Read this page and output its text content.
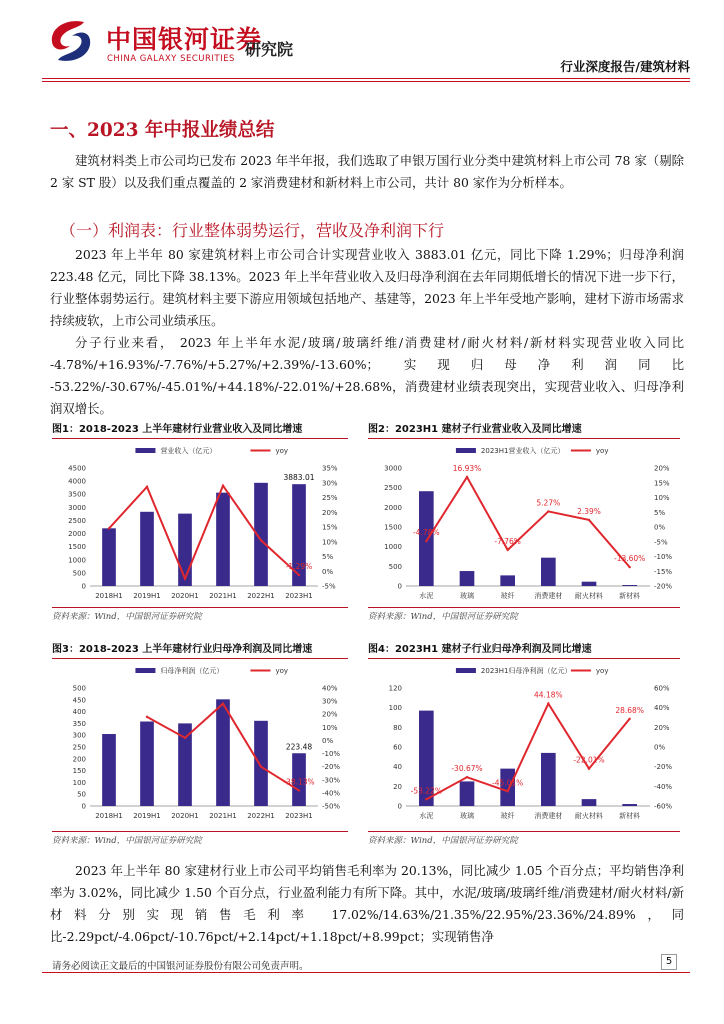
中国银河证券
CHINA GALAXY SECURITIES 研究院
行业深度报告/建筑材料
一、2023 年中报业绩总结

建筑材料类上市公司均已发布 2023 年半年报，我们选取了申银万国行业分类中建筑材料上市公司 78 家（剔除 2 家 ST 股）以及我们重点覆盖的 2 家消费建材和新材料上市公司，共计 80 家作为分析样本。

（一）利润表：行业整体弱势运行，营收及净利润下行

2023 年上半年 80 家建筑材料上市公司合计实现营业收入 3883.01 亿元，同比下降 1.29%；归母净利润 223.48 亿元，同比下降 38.13%。2023 年上半年营业收入及归母净利润在去年同期低增长的情况下进一步下行，行业整体弱势运行。建筑材料主要下游应用领域包括地产、基建等，2023 年上半年受地产影响，建材下游市场需求持续疲软，上市公司业绩承压。

分子行业来看， 2023 年上半年水泥/玻璃/玻璃纤维/消费建材/耐火材料/新材料实现营业收入同比 -4.78%/+16.93%/-7.76%/+5.27%/+2.39%/-13.60%； 实现归母净利润同比 -53.22%/-30.67%/-45.01%/+44.18%/-22.01%/+28.68%，消费建材业绩表现突出，实现营业收入、归母净利润双增长。

图1：2018-2023 上半年建材行业营业收入及同比增速	图2：2023H1 建材子行业营业收入及同比增速
图3：2018-2023 上半年建材行业归母净利润及同比增速	图4：2023H1 建材子行业归母净利润及同比增速
营业收入（亿元）	yoy
0
500
1000
1500
2000
2500
3000
3500
4000
4500
-5%
0%
5%
10%
15%
20%
25%
30%
35%
2018H1 2019H1 2020H1 2021H1 2022H1 2023H1
3883.01
-1.29%
2023H1营业收入（亿元）	yoy
0
500
1000
1500
2000
2500
3000
-20%
-15%
-10%
-5%
0%
5%
10%
15%
20%
水泥	玻璃	玻纤	消费建材 耐火材料 新材料
-4.78%
16.93%
-7.76%
5.27%
2.39%
-13.60%
归母净利润（亿元）	yoy
0
50
100
150
200
250
300
350
400
450
500
-50%
-40%
-30%
-20%
-10%
0%
10%
20%
30%
40%
2018H1 2019H1 2020H1 2021H1 2022H1 2023H1
223.48
-38.13%
2023H1归母净利润（亿元）	yoy
0
20
40
60
80
100
120
-60%
-40%
-20%
0%
20%
40%
60%
水泥	玻璃	玻纤	消费建材 耐火材料 新材料
-53.22%
-30.67%
-45.01%
44.18%
-22.01%
28.68%
资料来源：Wind，中国银河证券研究院	资料来源：Wind，中国银河证券研究院
资料来源：Wind，中国银河证券研究院	资料来源：Wind，中国银河证券研究院

2023 年上半年 80 家建材行业上市公司平均销售毛利率为 20.13%，同比减少 1.05 个百分点；平均销售净利率为 3.02%，同比减少 1.50 个百分点，行业盈利能力有所下降。其中，水泥/玻璃/玻璃纤维/消费建材/耐火材料/新材料分别实现销售毛利率 17.02%/14.63%/21.35%/22.95%/23.36%/24.89%，同比-2.29pct/-4.06pct/-10.76pct/+2.14pct/+1.18pct/+8.99pct；实现销售净

请务必阅读正文最后的中国银河证券股份有限公司免责声明。	5
